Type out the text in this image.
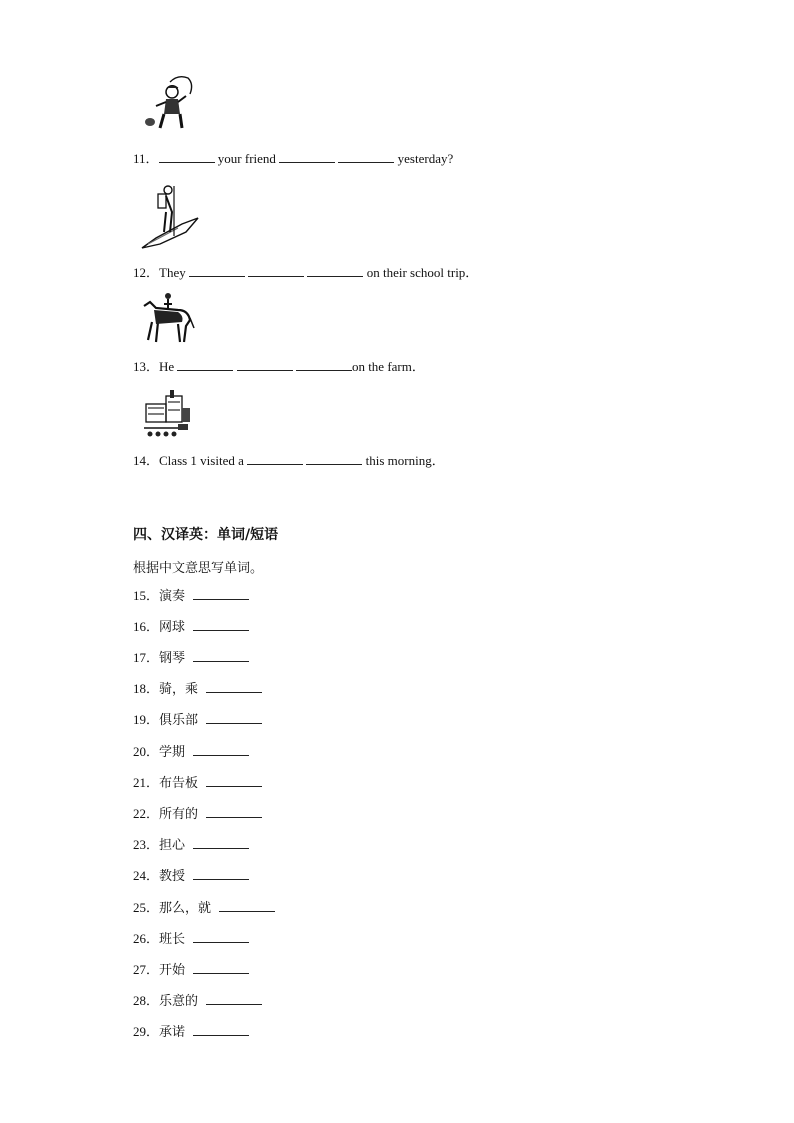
11．	your friend	yesterday?
12．They	on their school trip．
13．He	on the farm．
14．Class 1 visited a	this morning．
四、汉译英：单词/短语
根据中文意思写单词。
15．演奏
16．网球
17．钢琴
18．骑，乘
19．俱乐部
20．学期
21．布告板
22．所有的
23．担心
24．教授
25．那么，就
26．班长
27．开始
28．乐意的
29．承诺
